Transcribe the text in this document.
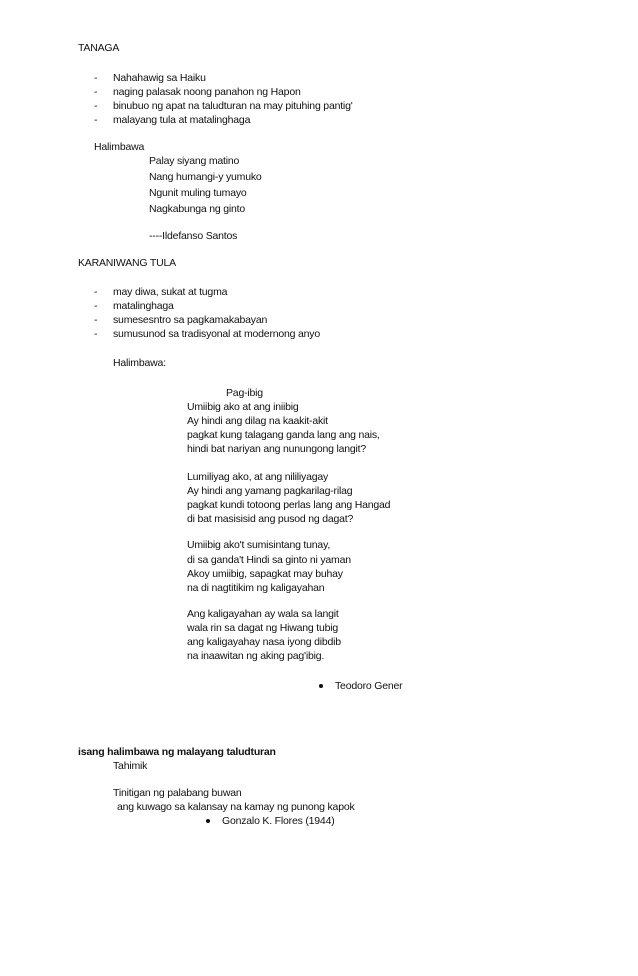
TANAGA
- Nahahawig sa Haiku
- naging palasak noong panahon ng Hapon
- binubuo ng apat na taludturan na may pituhing pantig'
- malayang tula at matalinghaga
Halimbawa
Palay siyang matino
Nang humangi-y yumuko
Ngunit muling tumayo
Nagkabunga ng ginto
----Ildefanso Santos
KARANIWANG TULA
- may diwa, sukat at tugma
- matalinghaga
- sumesesntro sa pagkamakabayan
- sumusunod sa tradisyonal at modernong anyo
Halimbawa:
Pag-ibig
Umiibig ako at ang iniibig
Ay hindi ang dilag na kaakit-akit
pagkat kung talagang ganda lang ang nais,
hindi bat nariyan ang nunungong langit?
Lumiliyag ako, at ang nililiyagay
Ay hindi ang yamang pagkarilag-rilag
pagkat kundi totoong perlas lang ang Hangad
di bat masisisid ang pusod ng dagat?
Umiibig ako't sumisintang tunay,
di sa ganda't Hindi sa ginto ni yaman
Akoy umiibig, sapagkat may buhay
na di nagtitikim ng kaligayahan
Ang kaligayahan ay wala sa langit
wala rin sa dagat ng Hiwang tubig
ang kaligayahay nasa iyong dibdib
na inaawitan ng aking pag'ibig.
Teodoro Gener
isang halimbawa ng malayang taludturan
Tahimik
Tinitigan ng palabang buwan
ang kuwago sa kalansay na kamay ng punong kapok
Gonzalo K. Flores (1944)
